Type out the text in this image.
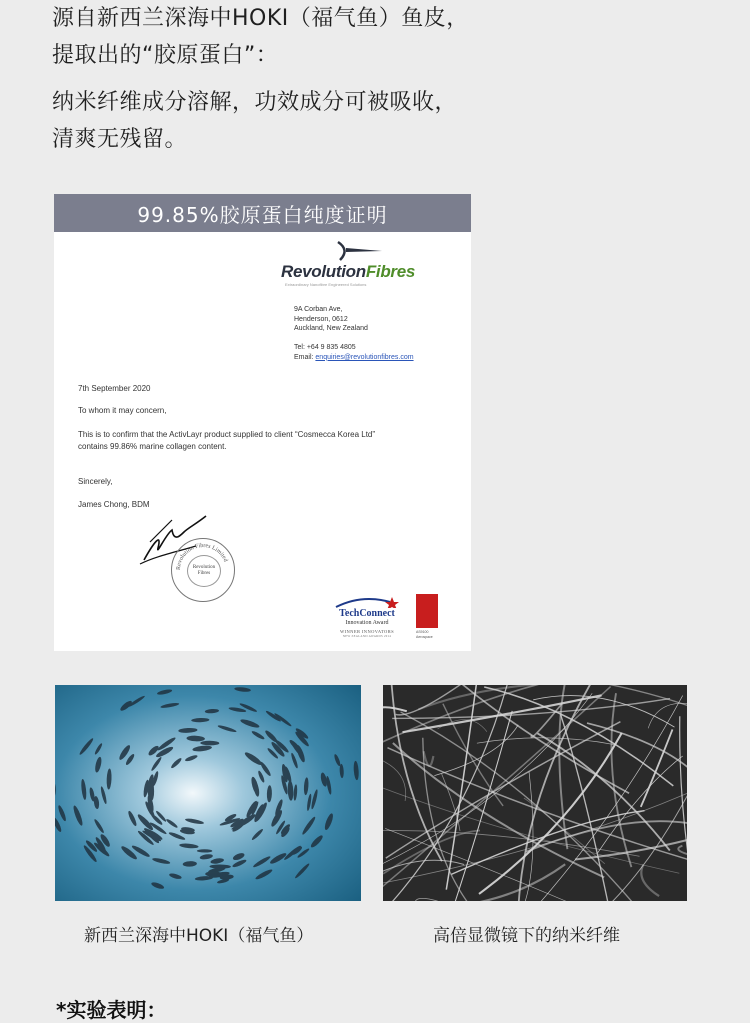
源自新西兰深海中HOKI（福气鱼）鱼皮，

提取出的“胶原蛋白”：

纳米纤维成分溶解，功效成分可被吸收，

清爽无残留。

99.85%胶原蛋白纯度证明
RevolutionFibres
Extraordinary Nanofibre Engineered Solutions
9A Corban Ave,
Henderson, 0612
Auckland, New Zealand
Tel: +64 9 835 4805
Email: enquiries@revolutionfibres.com
7th September 2020
To whom it may concern,
This is to confirm that the ActivLayr product supplied to client “Cosmecca Korea Ltd”
contains 99.86% marine collagen content.
Sincerely,
James Chong, BDM
Revolution Fibres Limited
Revolution
Fibres
TechConnect
Innovation Award
WINNER INNOVATORS
NEW ZEALAND AWARDS 2014
AS9100
Aerospace
新西兰深海中HOKI（福气鱼）	高倍显微镜下的纳米纤维
*实验表明：
